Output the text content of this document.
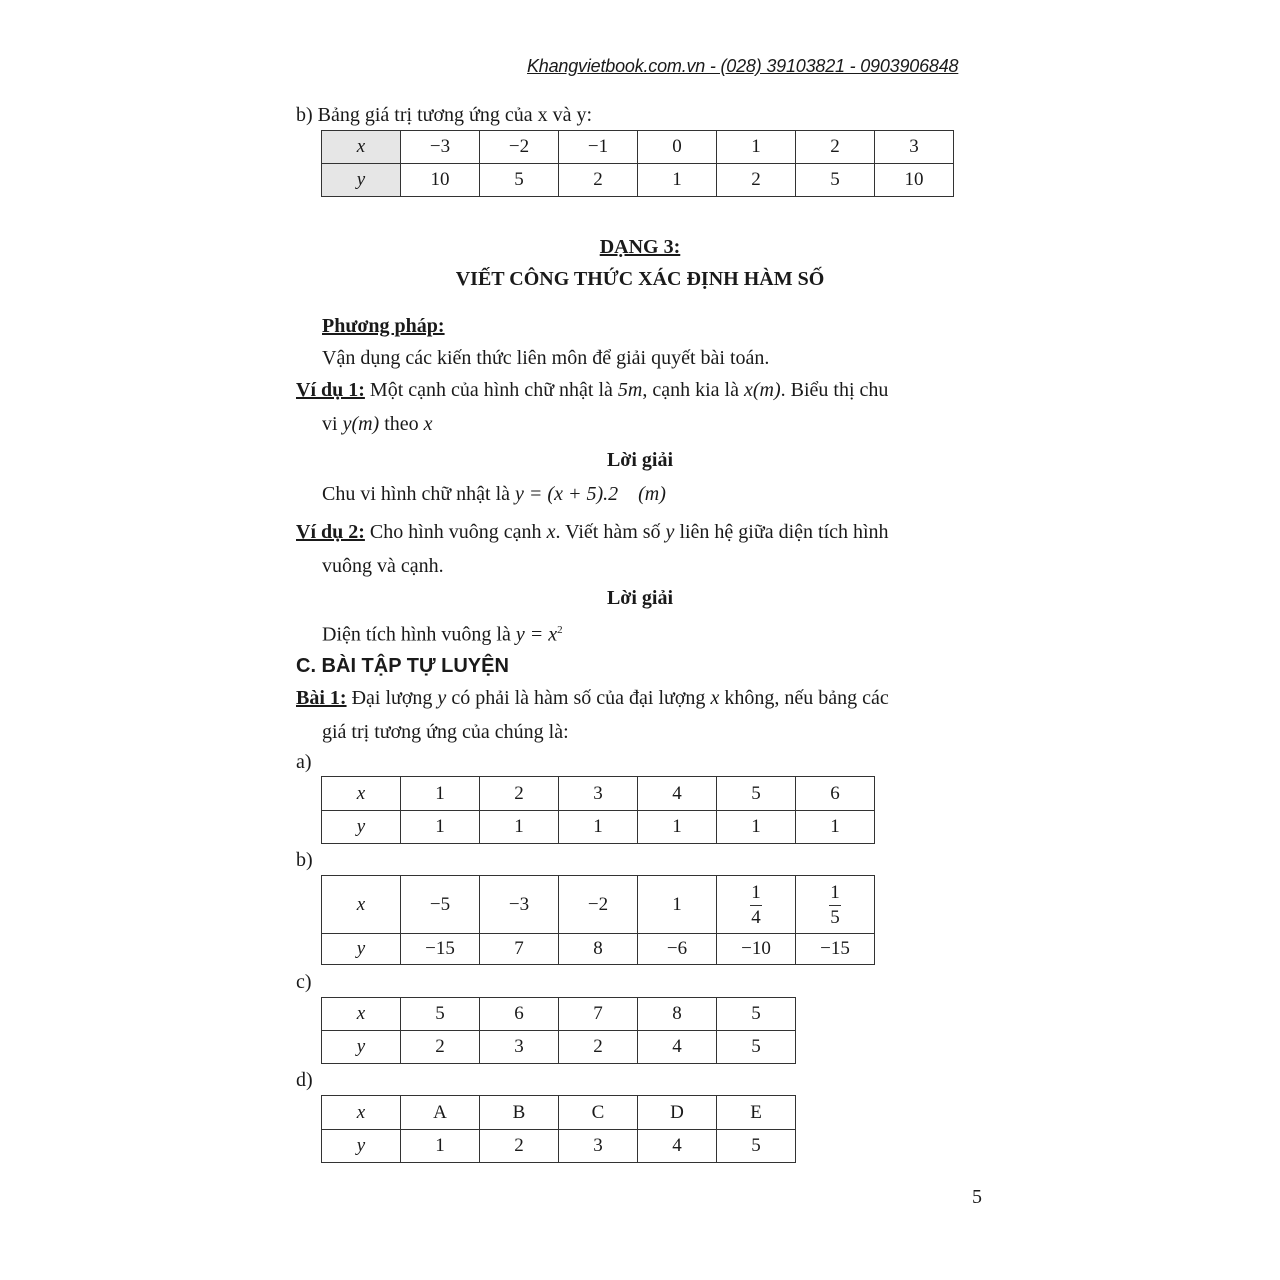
Khangvietbook.com.vn - (028) 39103821 - 0903906848
b) Bảng giá trị tương ứng của x và y:
x	−3	−2	−1	0	1	2	3
y	10	5	2	1	2	5	10
DẠNG 3:
VIẾT CÔNG THỨC XÁC ĐỊNH HÀM SỐ
Phương pháp:
Vận dụng các kiến thức liên môn để giải quyết bài toán.
Ví dụ 1: Một cạnh của hình chữ nhật là 5m, cạnh kia là x(m). Biểu thị chu
vi y(m) theo x
Lời giải
Chu vi hình chữ nhật là y = (x + 5).2    (m)
Ví dụ 2: Cho hình vuông cạnh x. Viết hàm số y liên hệ giữa diện tích hình
vuông và cạnh.
Lời giải
Diện tích hình vuông là $y = x^2$
C. BÀI TẬP TỰ LUYỆN
Bài 1: Đại lượng y có phải là hàm số của đại lượng x không, nếu bảng các
giá trị tương ứng của chúng là:
a)
x	1	2	3	4	5	6
y	1	1	1	1	1	1
b)
x	−5	−3	−2	1	$\frac{1}{4}$	$\frac{1}{5}$

y	−15	7	8	−6	−10	−15
c)
x	5	6	7	8	5
y	2	3	2	4	5
d)
x	A	B	C	D	E
y	1	2	3	4	5
5
